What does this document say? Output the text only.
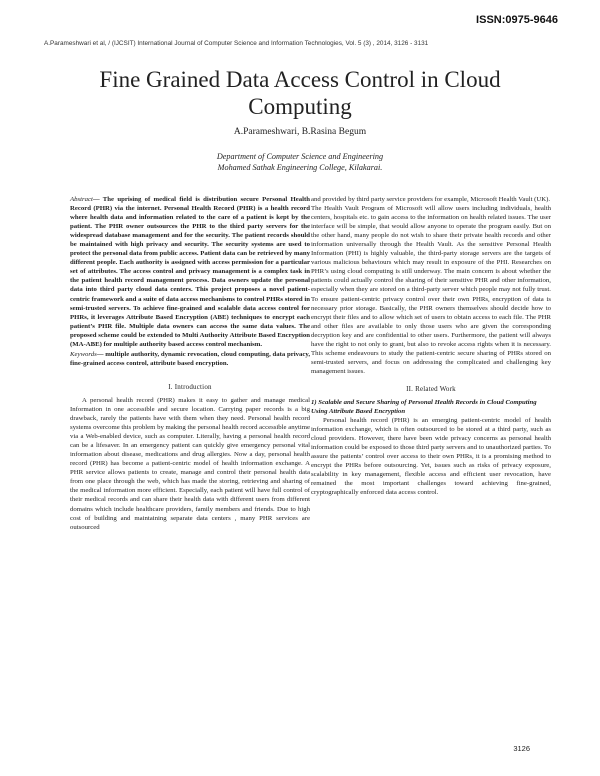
ISSN:0975-9646
A.Parameshwari et al, / (IJCSIT) International Journal of Computer Science and Information Technologies, Vol. 5 (3) , 2014, 3126 - 3131
Fine Grained Data Access Control in Cloud Computing
A.Parameshwari, B.Rasina Begum
Department of Computer Science and Engineering
Mohamed Sathak Engineering College, Kilakarai.

Abstract— The uprising of medical field is distribution secure Personal Health Record (PHR) via the internet. Personal Health Record (PHR) is a health record where health data and information related to the care of a patient is kept by the patient. The PHR owner outsources the PHR to the third party servers for the widespread database management and for the security. The patient records should be maintained with high privacy and security. The security systems are used to protect the personal data from public access. Patient data can be retrieved by many different people. Each authority is assigned with access permission for a particular set of attributes. The access control and privacy management is a complex task in the patient health record management process. Data owners update the personal data into third party cloud data centers. This project proposes a novel patient-centric framework and a suite of data access mechanisms to control PHRs stored in semi-trusted servers. To achieve fine-grained and scalable data access control for PHRs, it leverages Attribute Based Encryption (ABE) techniques to encrypt each patient’s PHR file. Multiple data owners can access the same data values. The proposed scheme could be extended to Multi Authority Attribute Based Encryption (MA-ABE) for multiple authority based access control mechanism.

Keywords— multiple authority, dynamic revocation, cloud computing, data privacy, fine-grained access control, attribute based encryption.

I. Introduction

A personal health record (PHR) makes it easy to gather and manage medical Information in one accessible and secure location. Carrying paper records is a big drawback, rarely the patients have with them when they need. Personal health record systems overcome this problem by making the personal health record accessible anytime via a Web-enabled device, such as computer. Literally, having a personal health record can be a lifesaver. In an emergency patient can quickly give emergency personal vital information about disease, medications and drug allergies. Now a day, personal health record (PHR) has become a patient-centric model of health information exchange. A PHR service allows patients to create, manage and control their personal health data from one place through the web, which has made the storing, retrieving and sharing of the medical information more efficient. Especially, each patient will have full control of their medical records and can share their health data with different users from different domains which include healthcare providers, family members and friends. Due to high cost of building and maintaining separate data centers , many PHR services are outsourced

and provided by third party service providers for example, Microsoft Health Vault (UK).

The Health Vault Program of Microsoft will allow users including individuals, health centers, hospitals etc. to gain access to the information on health related issues. The user interface will be simple, that would allow anyone to operate the program easily. But on the other hand, many people do not wish to share their private health records and other information universally through the Health Vault. As the sensitive Personal Health Information (PHI) is highly valuable, the third-party storage servers are the targets of various malicious behaviours which may result in exposure of the PHI. Researches on PHR’s using cloud computing is still underway. The main concern is about whether the patients could actually control the sharing of their sensitive PHR and other information, especially when they are stored on a third-party server which people may not fully trust. To ensure patient-centric privacy control over their own PHRs, encryption of data is necessary prior storage. Basically, the PHR owners themselves should decide how to encrypt their files and to allow which set of users to obtain access to each file. The PHR and other files are available to only those users who are given the corresponding decryption key and are confidential to other users. Furthermore, the patient will always have the right to not only to grant, but also to revoke access rights when it is necessary. This scheme endeavours to study the patient-centric secure sharing of PHRs stored on semi-trusted servers, and focus on addressing the complicated and challenging key management issues.

II. Related Work

1) Scalable and Secure Sharing of Personal Health Records in Cloud Computing Using Attribute Based Encryption

Personal health record (PHR) is an emerging patient-centric model of health information exchange, which is often outsourced to be stored at a third party, such as cloud providers. However, there have been wide privacy concerns as personal health information could be exposed to those third party servers and to unauthorized parties. To assure the patients’ control over access to their own PHRs, it is a promising method to encrypt the PHRs before outsourcing. Yet, issues such as risks of privacy exposure, scalability in key management, flexible access and efficient user revocation, have remained the most important challenges toward achieving fine-grained, cryptographically enforced data access control.

3126
